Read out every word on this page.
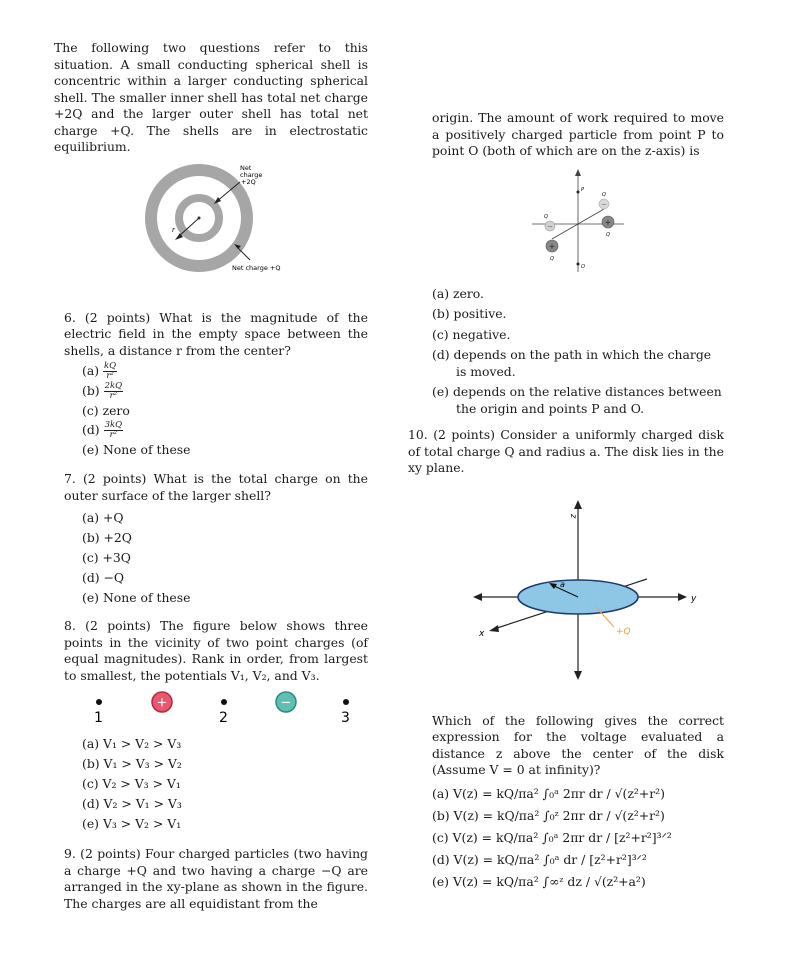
The following two questions refer to this situation. A small conducting spherical shell is concentric within a larger conducting spherical shell. The smaller inner shell has total net charge +2Q and the larger outer shell has total net charge +Q. The shells are in electrostatic equilibrium.

r
Net
charge
+2Q
Net charge +Q

6. (2 points) What is the magnitude of the electric field in the empty space between the shells, a distance r from the center?

$(a) \frac{kQ}{\text{r²}}$

$(b) \frac{2kQ}{\text{r²}}$

(c) zero

$(d) \frac{3kQ}{\text{r²}}$

(e) None of these

7. (2 points) What is the total charge on the outer surface of the larger shell?

(a) +Q

(b) +2Q

(c) +3Q

(d) −Q

(e) None of these

8. (2 points) The figure below shows three points in the vicinity of two point charges (of equal magnitudes). Rank in order, from largest to smallest, the potentials V₁, V₂, and V₃.

1
+
2
−
3

(a) V₁ > V₂ > V₃

(b) V₁ > V₃ > V₂

(c) V₂ > V₃ > V₁

(d) V₂ > V₁ > V₃

(e) V₃ > V₂ > V₁

9. (2 points) Four charged particles (two having a charge +Q and two having a charge −Q are arranged in the xy-plane as shown in the figure. The charges are all equidistant from the

origin. The amount of work required to move a positively charged particle from point P to point O (both of which are on the z-axis) is

P
O
−
+
−
+
Q
Q
Q
Q

(a) zero.

(b) positive.

(c) negative.

(d) depends on the path in which the charge is moved.

(e) depends on the relative distances between the origin and points P and O.

10. (2 points) Consider a uniformly charged disk of total charge Q and radius a. The disk lies in the xy plane.

z
y
x
a
+Q

Which of the following gives the correct expression for the voltage evaluated a distance z above the center of the disk (Assume V = 0 at infinity)?

(a) V(z) = kQ/πa² ∫₀ᵃ 2πr dr / √(z²+r²)

(b) V(z) = kQ/πa² ∫₀ᶻ 2πr dr / √(z²+r²)

(c) V(z) = kQ/πa² ∫₀ᵃ 2πr dr / [z²+r²]³ᐟ²

(d) V(z) = kQ/πa² ∫₀ᵃ dr / [z²+r²]³ᐟ²

(e) V(z) = kQ/πa² ∫∞ᶻ dz / √(z²+a²)
